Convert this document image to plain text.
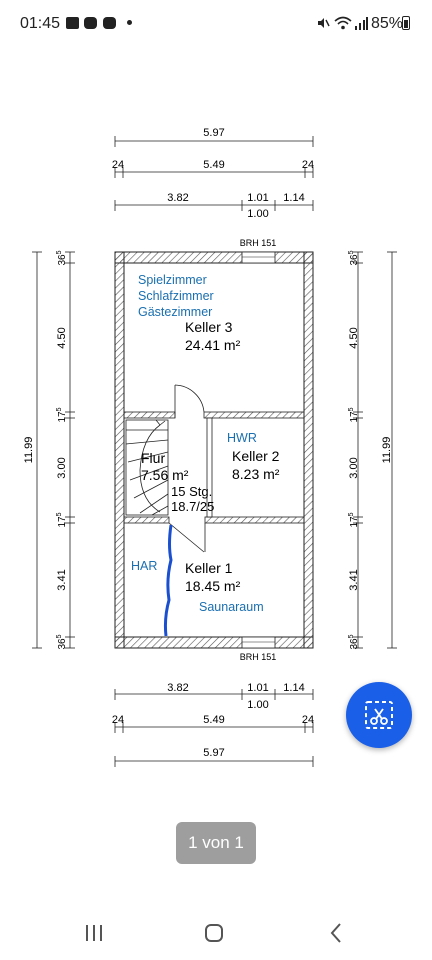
01:45	85%
5.97
24	5.49	24
3.82	1.01 1.14
1.00
BRH 151
11.99
$36^5$
4.50
$17^5$
3.00
$17^5$
3.41
$36^5$
11.99
$36^5$
4.50
$17^5$
3.00
$17^5$
3.41
$36^5$
Spielzimmer
Schlafzimmer
Gästezimmer
Keller 3
24.41 m²
Flur
7.56 m²
15 Stg.
18.7/25
HWR
Keller 2
8.23 m²
HAR Keller 1
18.45 m²
Saunaraum
BRH 151
3.82	1.01 1.14
1.00
24	5.49	24
5.97
1 von 1
